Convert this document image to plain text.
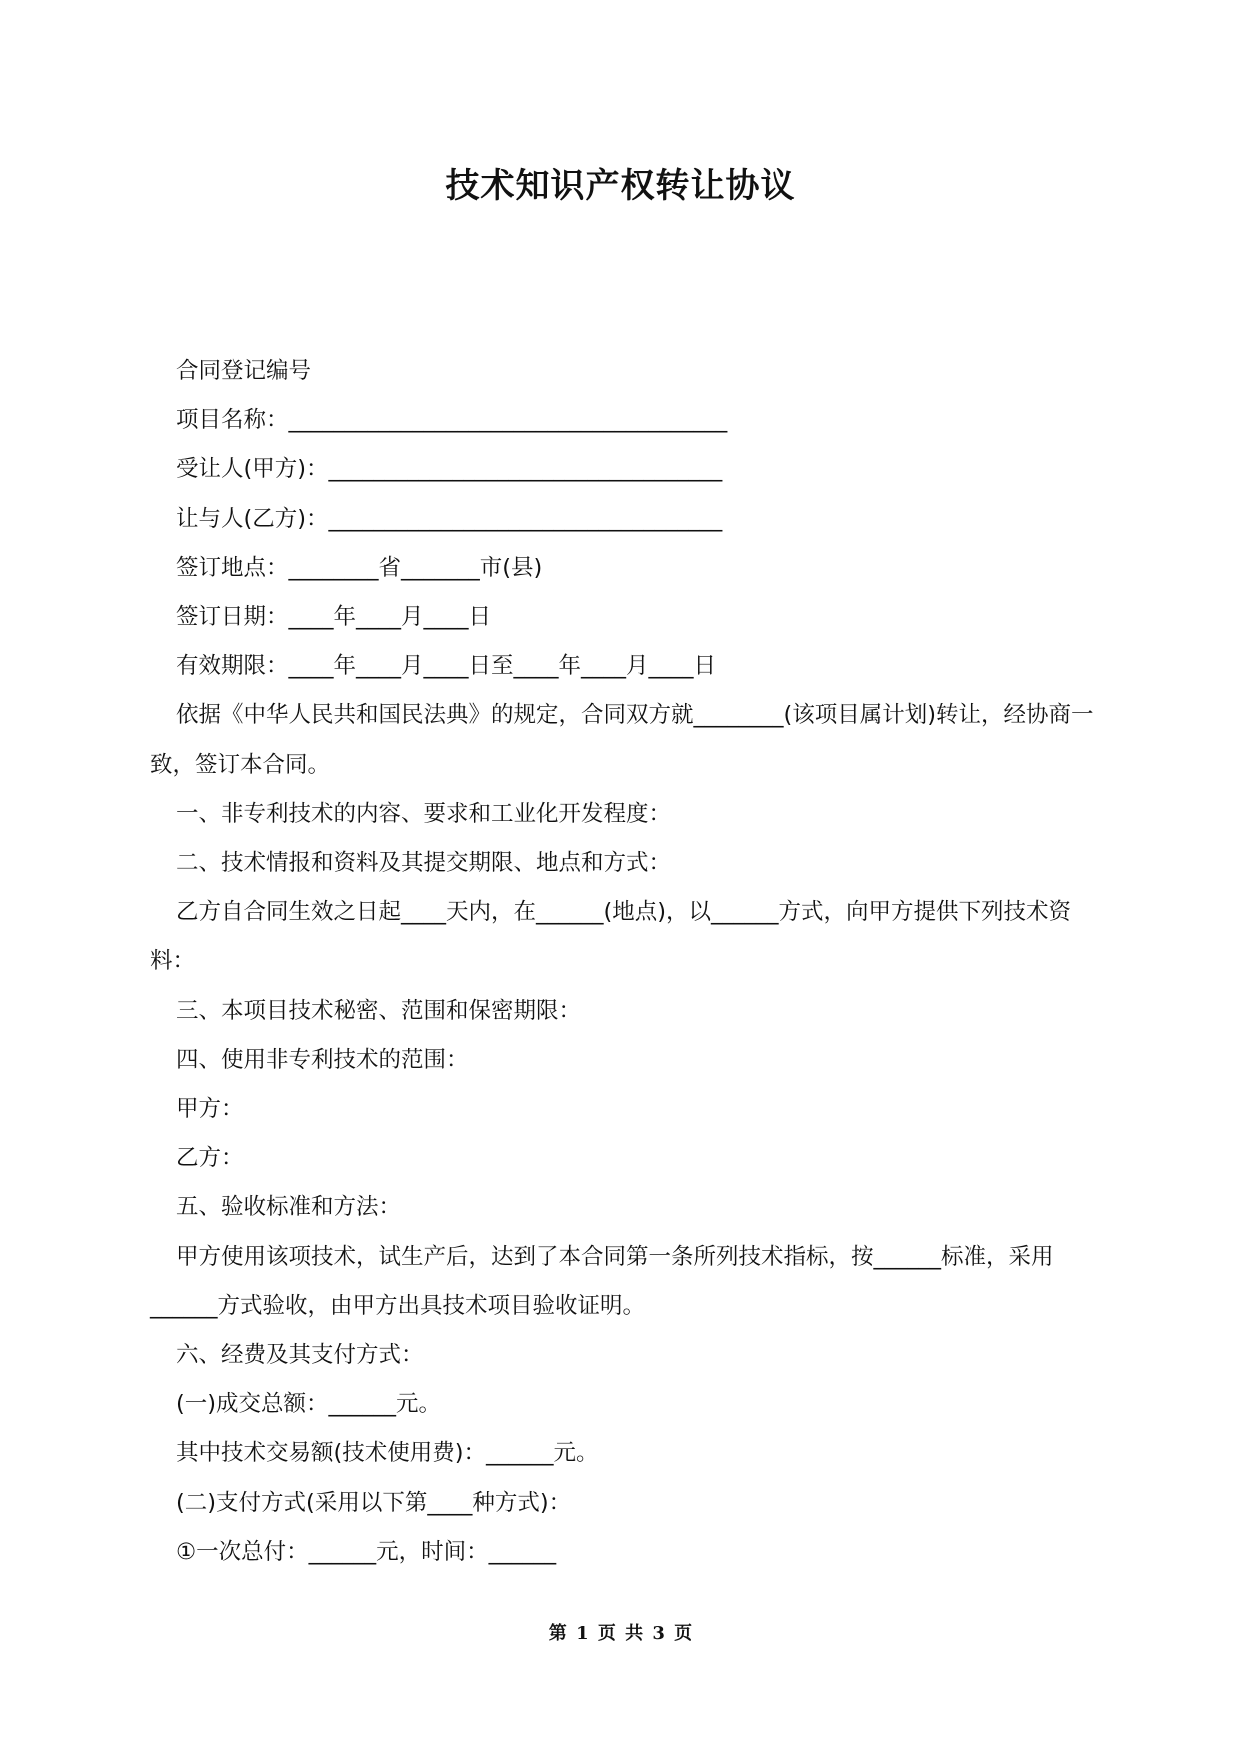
技术知识产权转让协议

合同登记编号

项目名称：_______________________________________

受让人(甲方)：___________________________________

让与人(乙方)：___________________________________

签订地点：________省_______市(县)

签订日期：____年____月____日

有效期限：____年____月____日至____年____月____日

依据《中华人民共和国民法典》的规定，合同双方就________(该项目属计划)转让，经协商一致，签订本合同。

一、非专利技术的内容、要求和工业化开发程度：

二、技术情报和资料及其提交期限、地点和方式：

乙方自合同生效之日起____天内，在______(地点)，以______方式，向甲方提供下列技术资料：

三、本项目技术秘密、范围和保密期限：

四、使用非专利技术的范围：

甲方：

乙方：

五、验收标准和方法：

甲方使用该项技术，试生产后，达到了本合同第一条所列技术指标，按______标准，采用______方式验收，由甲方出具技术项目验收证明。

六、经费及其支付方式：

(一)成交总额：______元。

其中技术交易额(技术使用费)：______元。

(二)支付方式(采用以下第____种方式)：

①一次总付：______元，时间：______

第 1 页 共 3 页
